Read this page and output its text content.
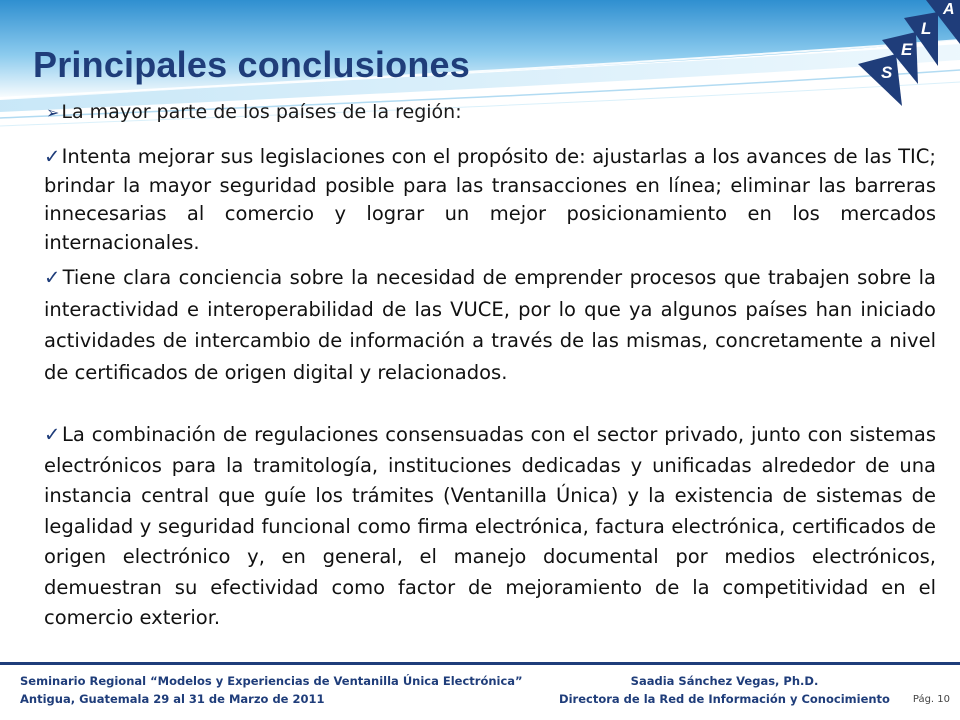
Principales conclusiones	S
E
L
A
➢ La mayor parte de los países de la región:
✓Intenta mejorar sus legislaciones con el propósito de: ajustarlas a los avances de las TIC; brindar la mayor seguridad posible para las transacciones en línea; eliminar las barreras innecesarias al comercio y lograr un mejor posicionamiento en los mercados internacionales.
✓Tiene clara conciencia sobre la necesidad de emprender procesos que trabajen sobre la interactividad e interoperabilidad de las VUCE, por lo que ya algunos países han iniciado actividades de intercambio de información a través de las mismas, concretamente a nivel de certificados de origen digital y relacionados.
✓La combinación de regulaciones consensuadas con el sector privado, junto con sistemas electrónicos para la tramitología, instituciones dedicadas y unificadas alrededor de una instancia central que guíe los trámites (Ventanilla Única) y la existencia de sistemas de legalidad y seguridad funcional como firma electrónica, factura electrónica, certificados de origen electrónico y, en general, el manejo documental por medios electrónicos, demuestran su efectividad como factor de mejoramiento de la competitividad en el comercio exterior.
Seminario Regional “Modelos y Experiencias de Ventanilla Única Electrónica”
Antigua, Guatemala 29 al 31 de Marzo de 2011
Saadia Sánchez Vegas, Ph.D.
Directora de la Red de Información y Conocimiento	Pág. 10
